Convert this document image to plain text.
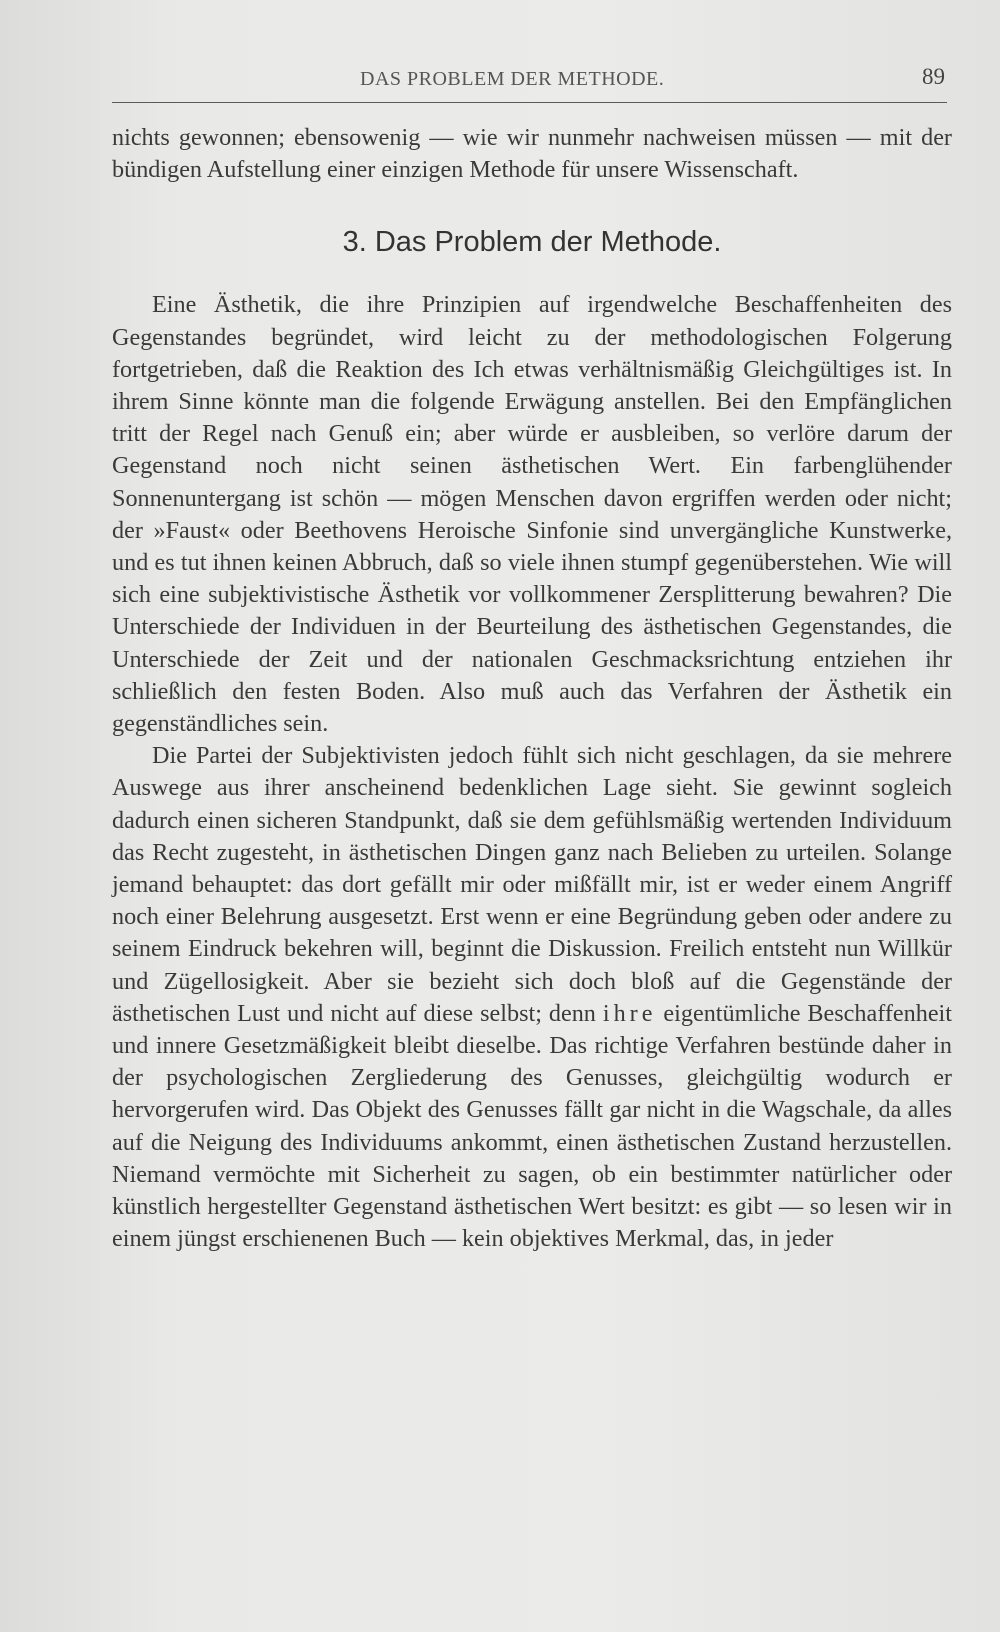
DAS PROBLEM DER METHODE.	89

nichts gewonnen; ebensowenig — wie wir nunmehr nachweisen müssen — mit der bündigen Aufstellung einer einzigen Methode für unsere Wissenschaft.

3. Das Problem der Methode.

Eine Ästhetik, die ihre Prinzipien auf irgendwelche Beschaffenheiten des Gegenstandes begründet, wird leicht zu der methodologischen Folgerung fortgetrieben, daß die Reaktion des Ich etwas verhältnismäßig Gleichgültiges ist. In ihrem Sinne könnte man die folgende Erwägung anstellen. Bei den Empfänglichen tritt der Regel nach Genuß ein; aber würde er ausbleiben, so verlöre darum der Gegenstand noch nicht seinen ästhetischen Wert. Ein farbenglühender Sonnenuntergang ist schön — mögen Menschen davon ergriffen werden oder nicht; der »Faust« oder Beethovens Heroische Sinfonie sind unvergängliche Kunstwerke, und es tut ihnen keinen Abbruch, daß so viele ihnen stumpf gegenüberstehen. Wie will sich eine subjektivistische Ästhetik vor vollkommener Zersplitterung bewahren? Die Unterschiede der Individuen in der Beurteilung des ästhetischen Gegenstandes, die Unterschiede der Zeit und der nationalen Geschmacksrichtung entziehen ihr schließlich den festen Boden. Also muß auch das Verfahren der Ästhetik ein gegenständliches sein.

Die Partei der Subjektivisten jedoch fühlt sich nicht geschlagen, da sie mehrere Auswege aus ihrer anscheinend bedenklichen Lage sieht. Sie gewinnt sogleich dadurch einen sicheren Standpunkt, daß sie dem gefühlsmäßig wertenden Individuum das Recht zugesteht, in ästhetischen Dingen ganz nach Belieben zu urteilen. Solange jemand behauptet: das dort gefällt mir oder mißfällt mir, ist er weder einem Angriff noch einer Belehrung ausgesetzt. Erst wenn er eine Begründung geben oder andere zu seinem Eindruck bekehren will, beginnt die Diskussion. Freilich entsteht nun Willkür und Zügellosigkeit. Aber sie bezieht sich doch bloß auf die Gegenstände der ästhetischen Lust und nicht auf diese selbst; denn ihre eigentümliche Beschaffenheit und innere Gesetzmäßigkeit bleibt dieselbe. Das richtige Verfahren bestünde daher in der psychologischen Zergliederung des Genusses, gleichgültig wodurch er hervorgerufen wird. Das Objekt des Genusses fällt gar nicht in die Wagschale, da alles auf die Neigung des Individuums ankommt, einen ästhetischen Zustand herzustellen. Niemand vermöchte mit Sicherheit zu sagen, ob ein bestimmter natürlicher oder künstlich hergestellter Gegenstand ästhetischen Wert besitzt: es gibt — so lesen wir in einem jüngst erschienenen Buch — kein objektives Merkmal, das, in jeder
